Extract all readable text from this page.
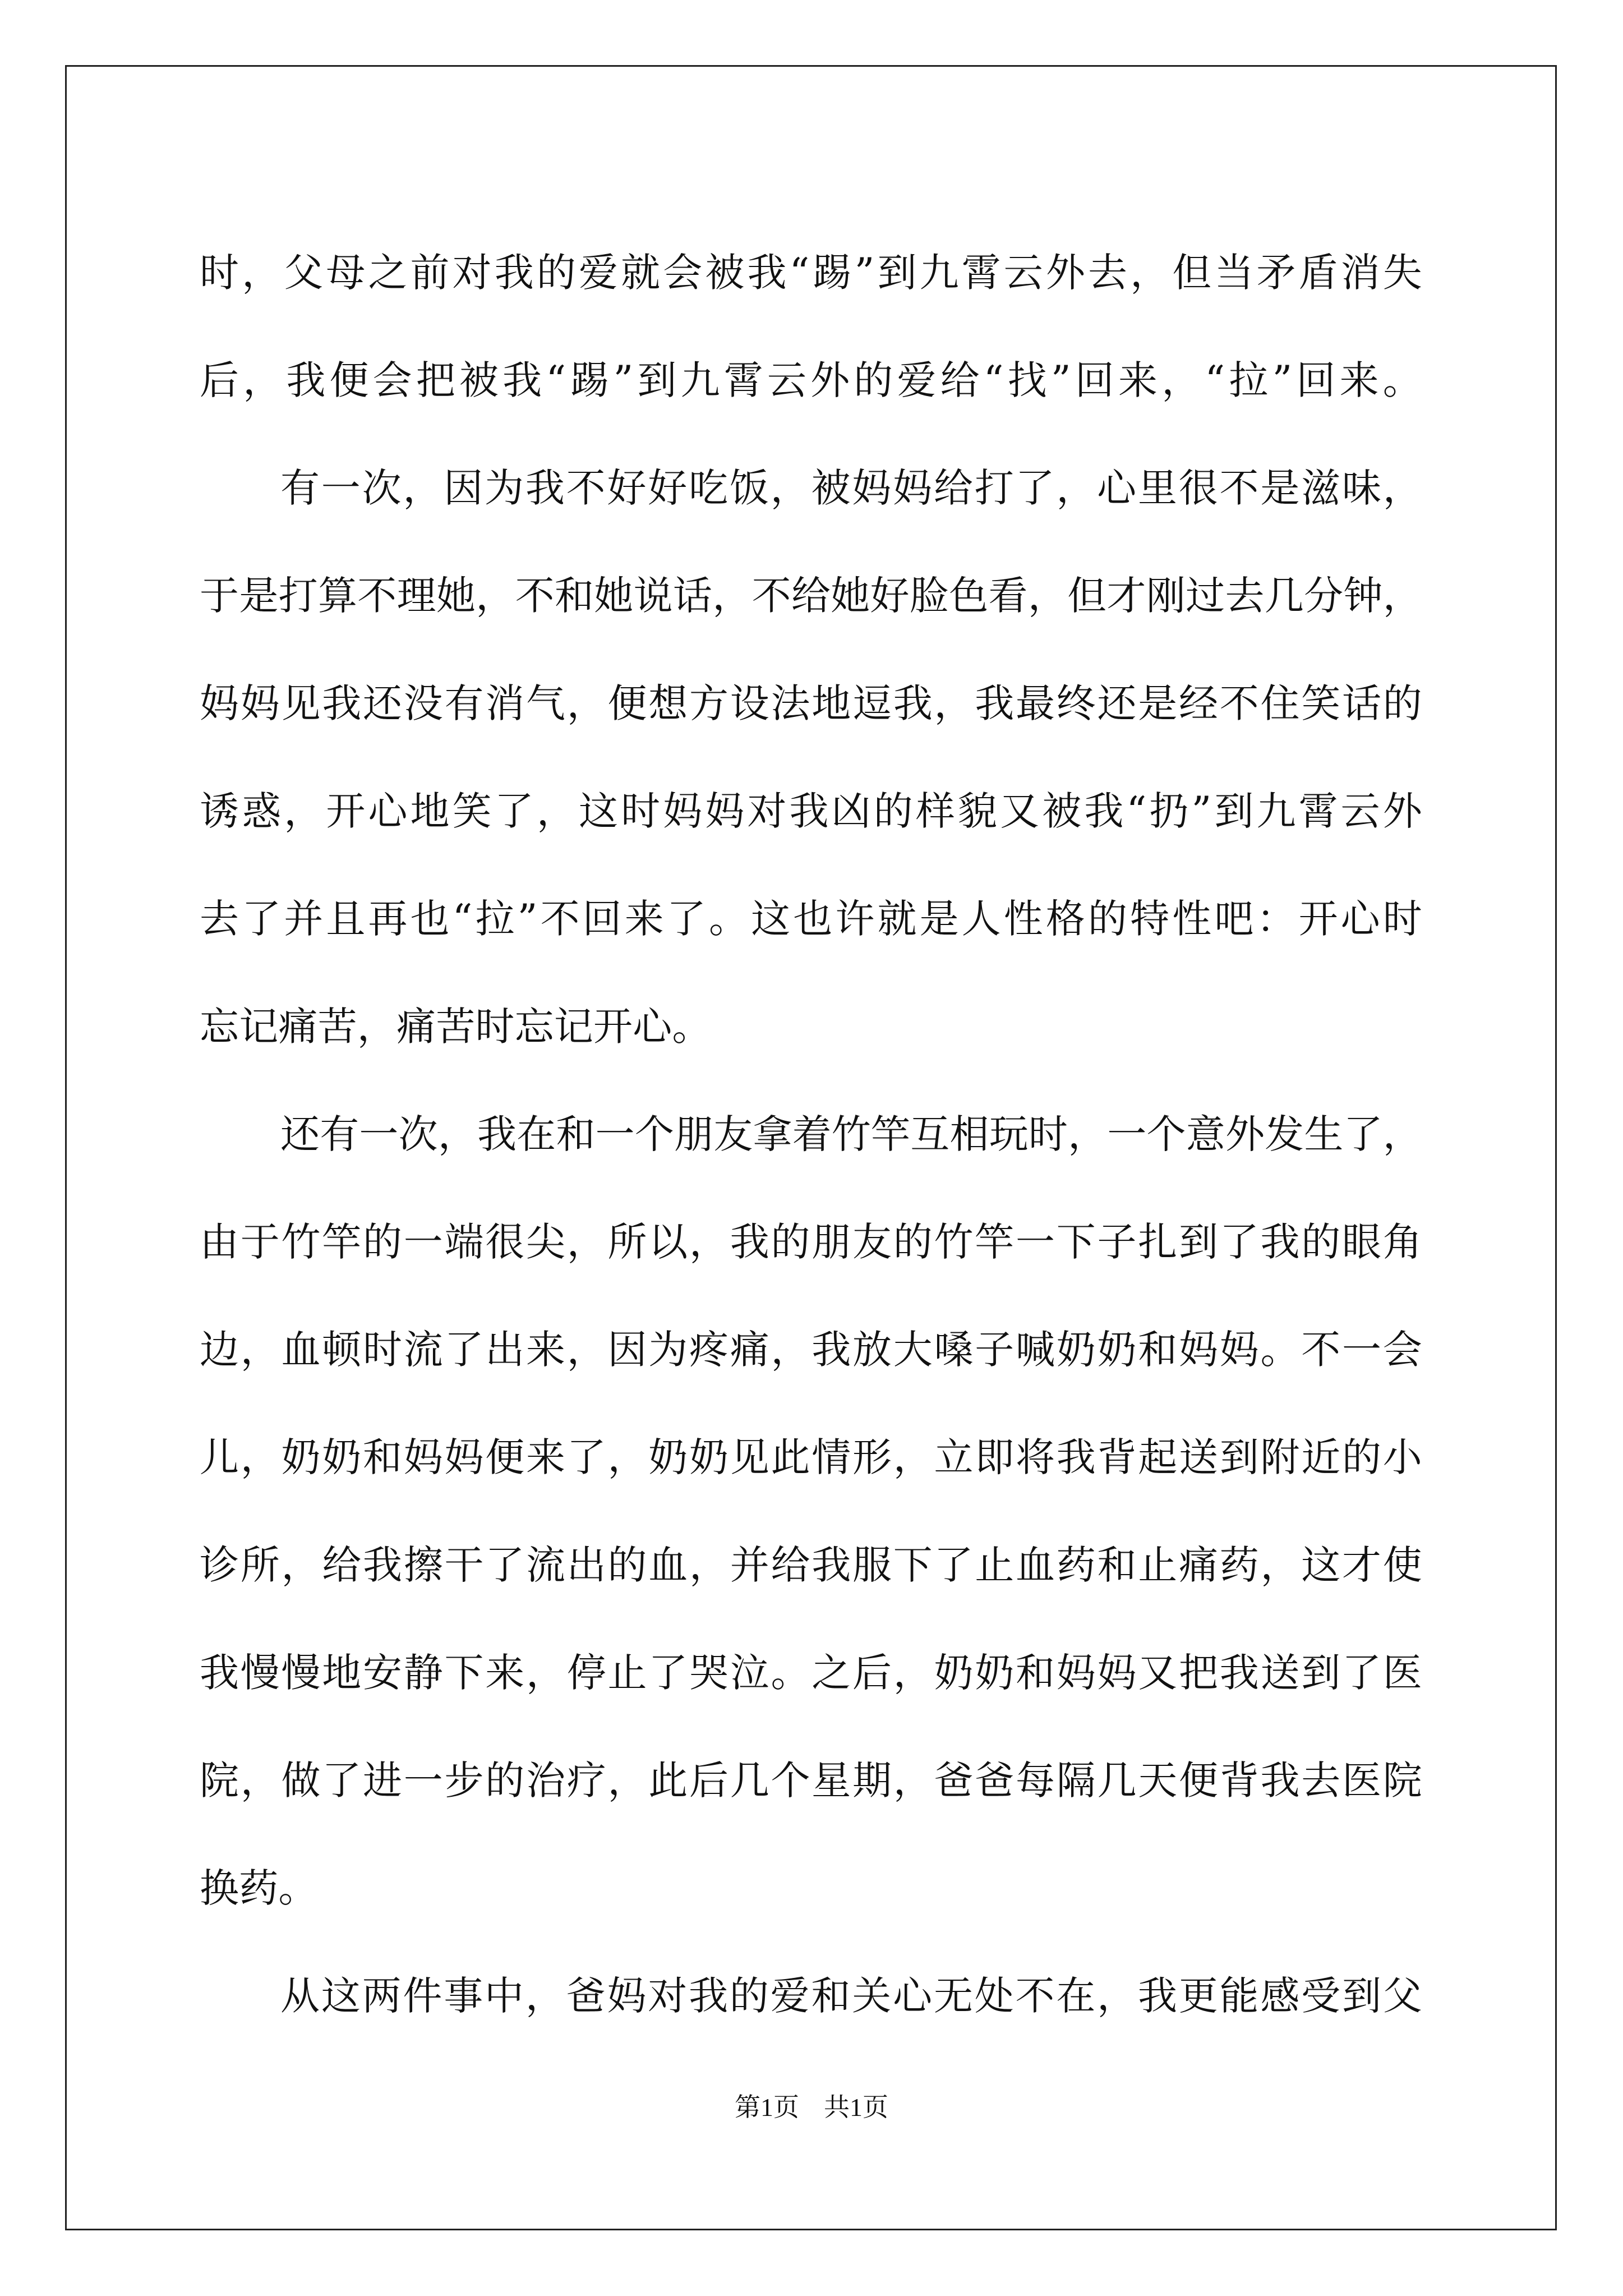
时，父母之前对我的爱就会被我“踢”到九霄云外去，但当矛盾消失
后，我便会把被我“踢”到九霄云外的爱给“找”回来，“拉”回来。
有一次，因为我不好好吃饭，被妈妈给打了，心里很不是滋味，
于是打算不理她，不和她说话，不给她好脸色看，但才刚过去几分钟，
妈妈见我还没有消气，便想方设法地逗我，我最终还是经不住笑话的
诱惑，开心地笑了，这时妈妈对我凶的样貌又被我“扔”到九霄云外
去了并且再也“拉”不回来了。这也许就是人性格的特性吧：开心时
忘记痛苦，痛苦时忘记开心。
还有一次，我在和一个朋友拿着竹竿互相玩时，一个意外发生了，
由于竹竿的一端很尖，所以，我的朋友的竹竿一下子扎到了我的眼角
边，血顿时流了出来，因为疼痛，我放大嗓子喊奶奶和妈妈。不一会
儿，奶奶和妈妈便来了，奶奶见此情形，立即将我背起送到附近的小
诊所，给我擦干了流出的血，并给我服下了止血药和止痛药，这才使
我慢慢地安静下来，停止了哭泣。之后，奶奶和妈妈又把我送到了医
院，做了进一步的治疗，此后几个星期，爸爸每隔几天便背我去医院
换药。
从这两件事中，爸妈对我的爱和关心无处不在，我更能感受到父
第1页 共1页
